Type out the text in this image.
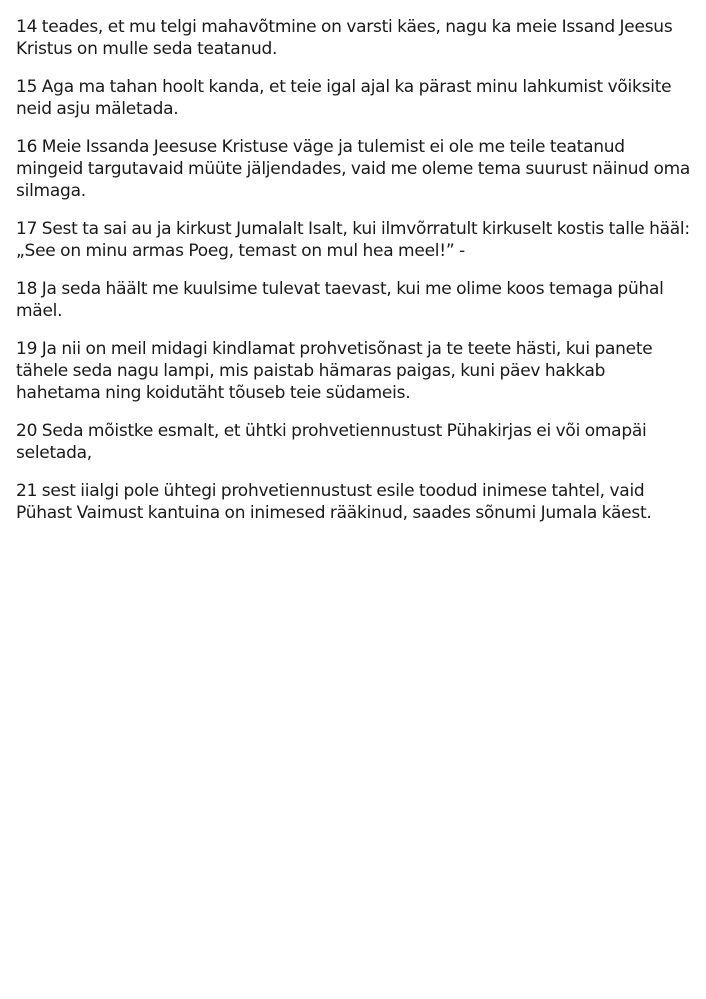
14 teades, et mu telgi mahavõtmine on varsti käes, nagu ka meie Issand Jeesus Kristus on mulle seda teatanud.

15 Aga ma tahan hoolt kanda, et teie igal ajal ka pärast minu lahkumist võiksite neid asju mäletada.

16 Meie Issanda Jeesuse Kristuse väge ja tulemist ei ole me teile teatanud mingeid targutavaid müüte jäljendades, vaid me oleme tema suurust näinud oma silmaga.

17 Sest ta sai au ja kirkust Jumalalt Isalt, kui ilmvõrratult kirkuselt kostis talle hääl: „See on minu armas Poeg, temast on mul hea meel!” -

18 Ja seda häält me kuulsime tulevat taevast, kui me olime koos temaga pühal mäel.

19 Ja nii on meil midagi kindlamat prohvetisõnast ja te teete hästi, kui panete tähele seda nagu lampi, mis paistab hämaras paigas, kuni päev hakkab hahetama ning koidutäht tõuseb teie südameis.

20 Seda mõistke esmalt, et ühtki prohvetiennustust Pühakirjas ei või omapäi seletada,

21 sest iialgi pole ühtegi prohvetiennustust esile toodud inimese tahtel, vaid Pühast Vaimust kantuina on inimesed rääkinud, saades sõnumi Jumala käest.
